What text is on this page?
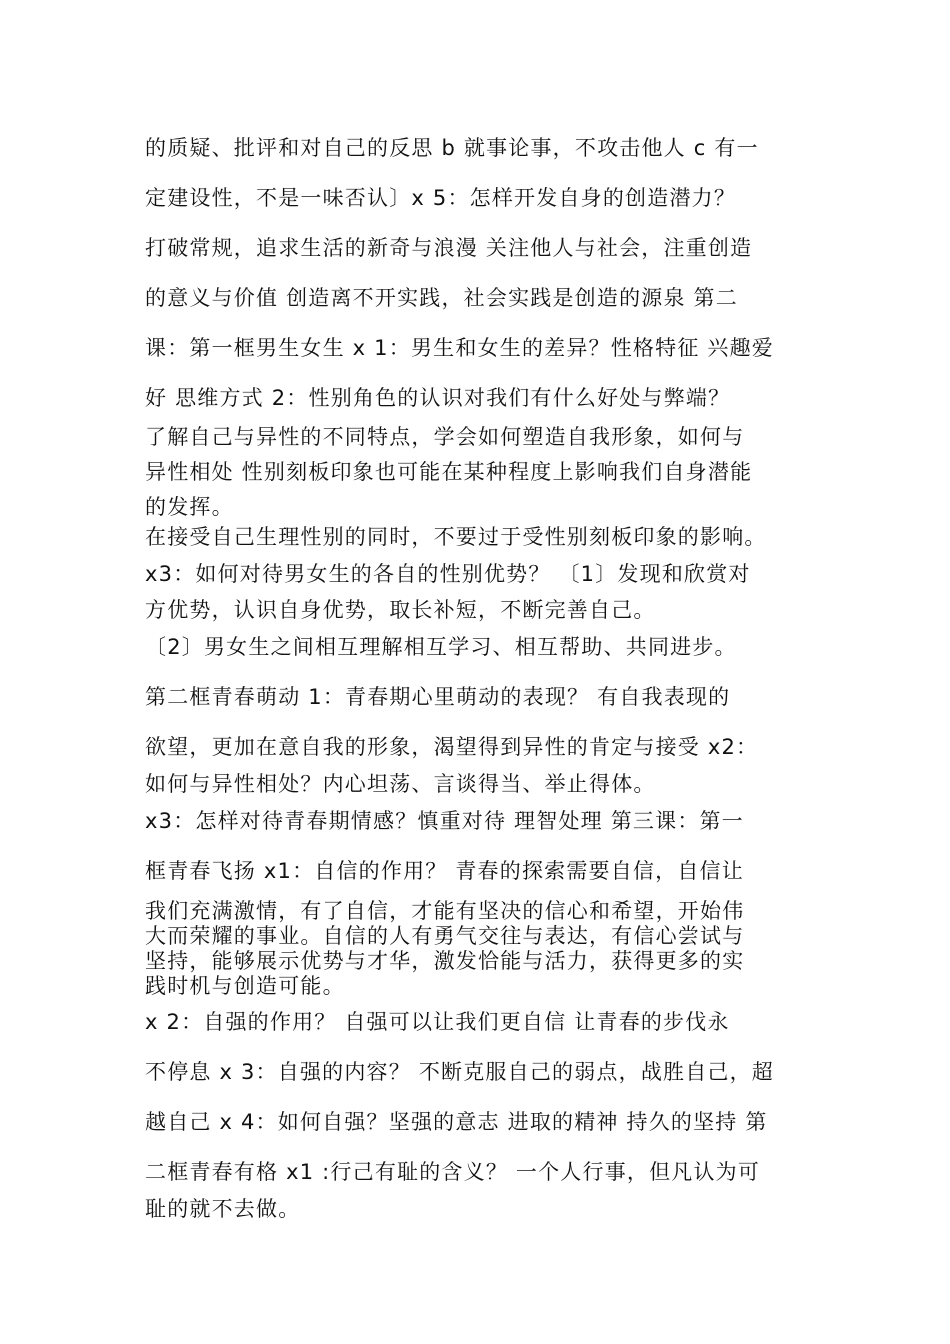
的质疑、批评和对自己的反思 b 就事论事，不攻击他人 c 有一
定建设性，不是一味否认〕x 5：怎样开发自身的创造潜力？
打破常规，追求生活的新奇与浪漫 关注他人与社会，注重创造
的意义与价值 创造离不开实践，社会实践是创造的源泉 第二
课：第一框男生女生 x 1：男生和女生的差异？性格特征 兴趣爱
好 思维方式 2：性别角色的认识对我们有什么好处与弊端？
了解自己与异性的不同特点，学会如何塑造自我形象，如何与
异性相处 性别刻板印象也可能在某种程度上影响我们自身潜能
的发挥。
在接受自己生理性别的同时，不要过于受性别刻板印象的影响。
x3：如何对待男女生的各自的性别优势？ 〔1〕发现和欣赏对
方优势，认识自身优势，取长补短，不断完善自己。
〔2〕男女生之间相互理解相互学习、相互帮助、共同进步。
第二框青春萌动 1：青春期心里萌动的表现？ 有自我表现的
欲望，更加在意自我的形象，渴望得到异性的肯定与接受 x2：
如何与异性相处？内心坦荡、言谈得当、举止得体。
x3：怎样对待青春期情感？慎重对待 理智处理 第三课：第一
框青春飞扬 x1：自信的作用？ 青春的探索需要自信，自信让
我们充满激情，有了自信，才能有坚决的信心和希望，开始伟
大而荣耀的事业。自信的人有勇气交往与表达，有信心尝试与
坚持，能够展示优势与才华，激发恰能与活力，获得更多的实
践时机与创造可能。
x 2：自强的作用？ 自强可以让我们更自信 让青春的步伐永
不停息 x 3：自强的内容？ 不断克服自己的弱点，战胜自己，超
越自己 x 4：如何自强？坚强的意志 进取的精神 持久的坚持 第
二框青春有格 x1 :行己有耻的含义？ 一个人行事，但凡认为可
耻的就不去做。
